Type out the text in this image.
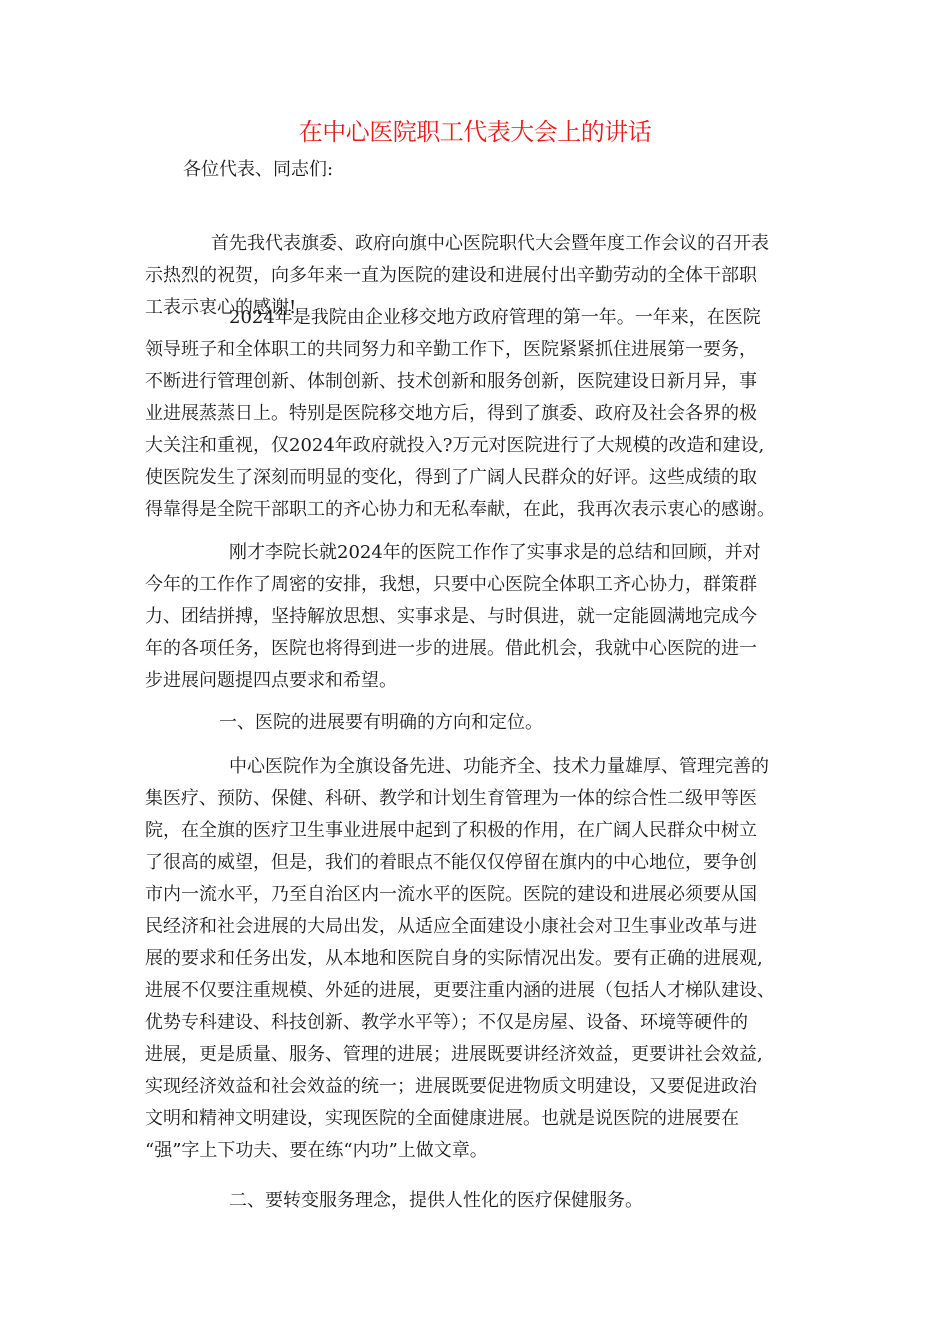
在中心医院职工代表大会上的讲话
各位代表、同志们:
首先我代表旗委、政府向旗中心医院职代大会暨年度工作会议的召开表
示热烈的祝贺，向多年来一直为医院的建设和进展付出辛勤劳动的全体干部职
工表示衷心的感谢!
2024年是我院由企业移交地方政府管理的第一年。一年来，在医院
领导班子和全体职工的共同努力和辛勤工作下，医院紧紧抓住进展第一要务，
不断进行管理创新、体制创新、技术创新和服务创新，医院建设日新月异，事
业进展蒸蒸日上。特别是医院移交地方后，得到了旗委、政府及社会各界的极
大关注和重视，仅2024年政府就投入?万元对医院进行了大规模的改造和建设,
使医院发生了深刻而明显的变化，得到了广阔人民群众的好评。这些成绩的取
得靠得是全院干部职工的齐心协力和无私奉献，在此，我再次表示衷心的感谢。
刚才李院长就2024年的医院工作作了实事求是的总结和回顾，并对
今年的工作作了周密的安排，我想，只要中心医院全体职工齐心协力，群策群
力、团结拼搏，坚持解放思想、实事求是、与时俱进，就一定能圆满地完成今
年的各项任务，医院也将得到进一步的进展。借此机会，我就中心医院的进一
步进展问题提四点要求和希望。
一、医院的进展要有明确的方向和定位。
中心医院作为全旗设备先进、功能齐全、技术力量雄厚、管理完善的
集医疗、预防、保健、科研、教学和计划生育管理为一体的综合性二级甲等医
院，在全旗的医疗卫生事业进展中起到了积极的作用，在广阔人民群众中树立
了很高的威望，但是，我们的着眼点不能仅仅停留在旗内的中心地位，要争创
市内一流水平，乃至自治区内一流水平的医院。医院的建设和进展必须要从国
民经济和社会进展的大局出发，从适应全面建设小康社会对卫生事业改革与进
展的要求和任务出发，从本地和医院自身的实际情况出发。要有正确的进展观,
进展不仅要注重规模、外延的进展，更要注重内涵的进展（包括人才梯队建设、
优势专科建设、科技创新、教学水平等）；不仅是房屋、设备、环境等硬件的
进展，更是质量、服务、管理的进展；进展既要讲经济效益，更要讲社会效益,
实现经济效益和社会效益的统一；进展既要促进物质文明建设，又要促进政治
文明和精神文明建设，实现医院的全面健康进展。也就是说医院的进展要在
“强”字上下功夫、要在练“内功”上做文章。
二、要转变服务理念，提供人性化的医疗保健服务。
